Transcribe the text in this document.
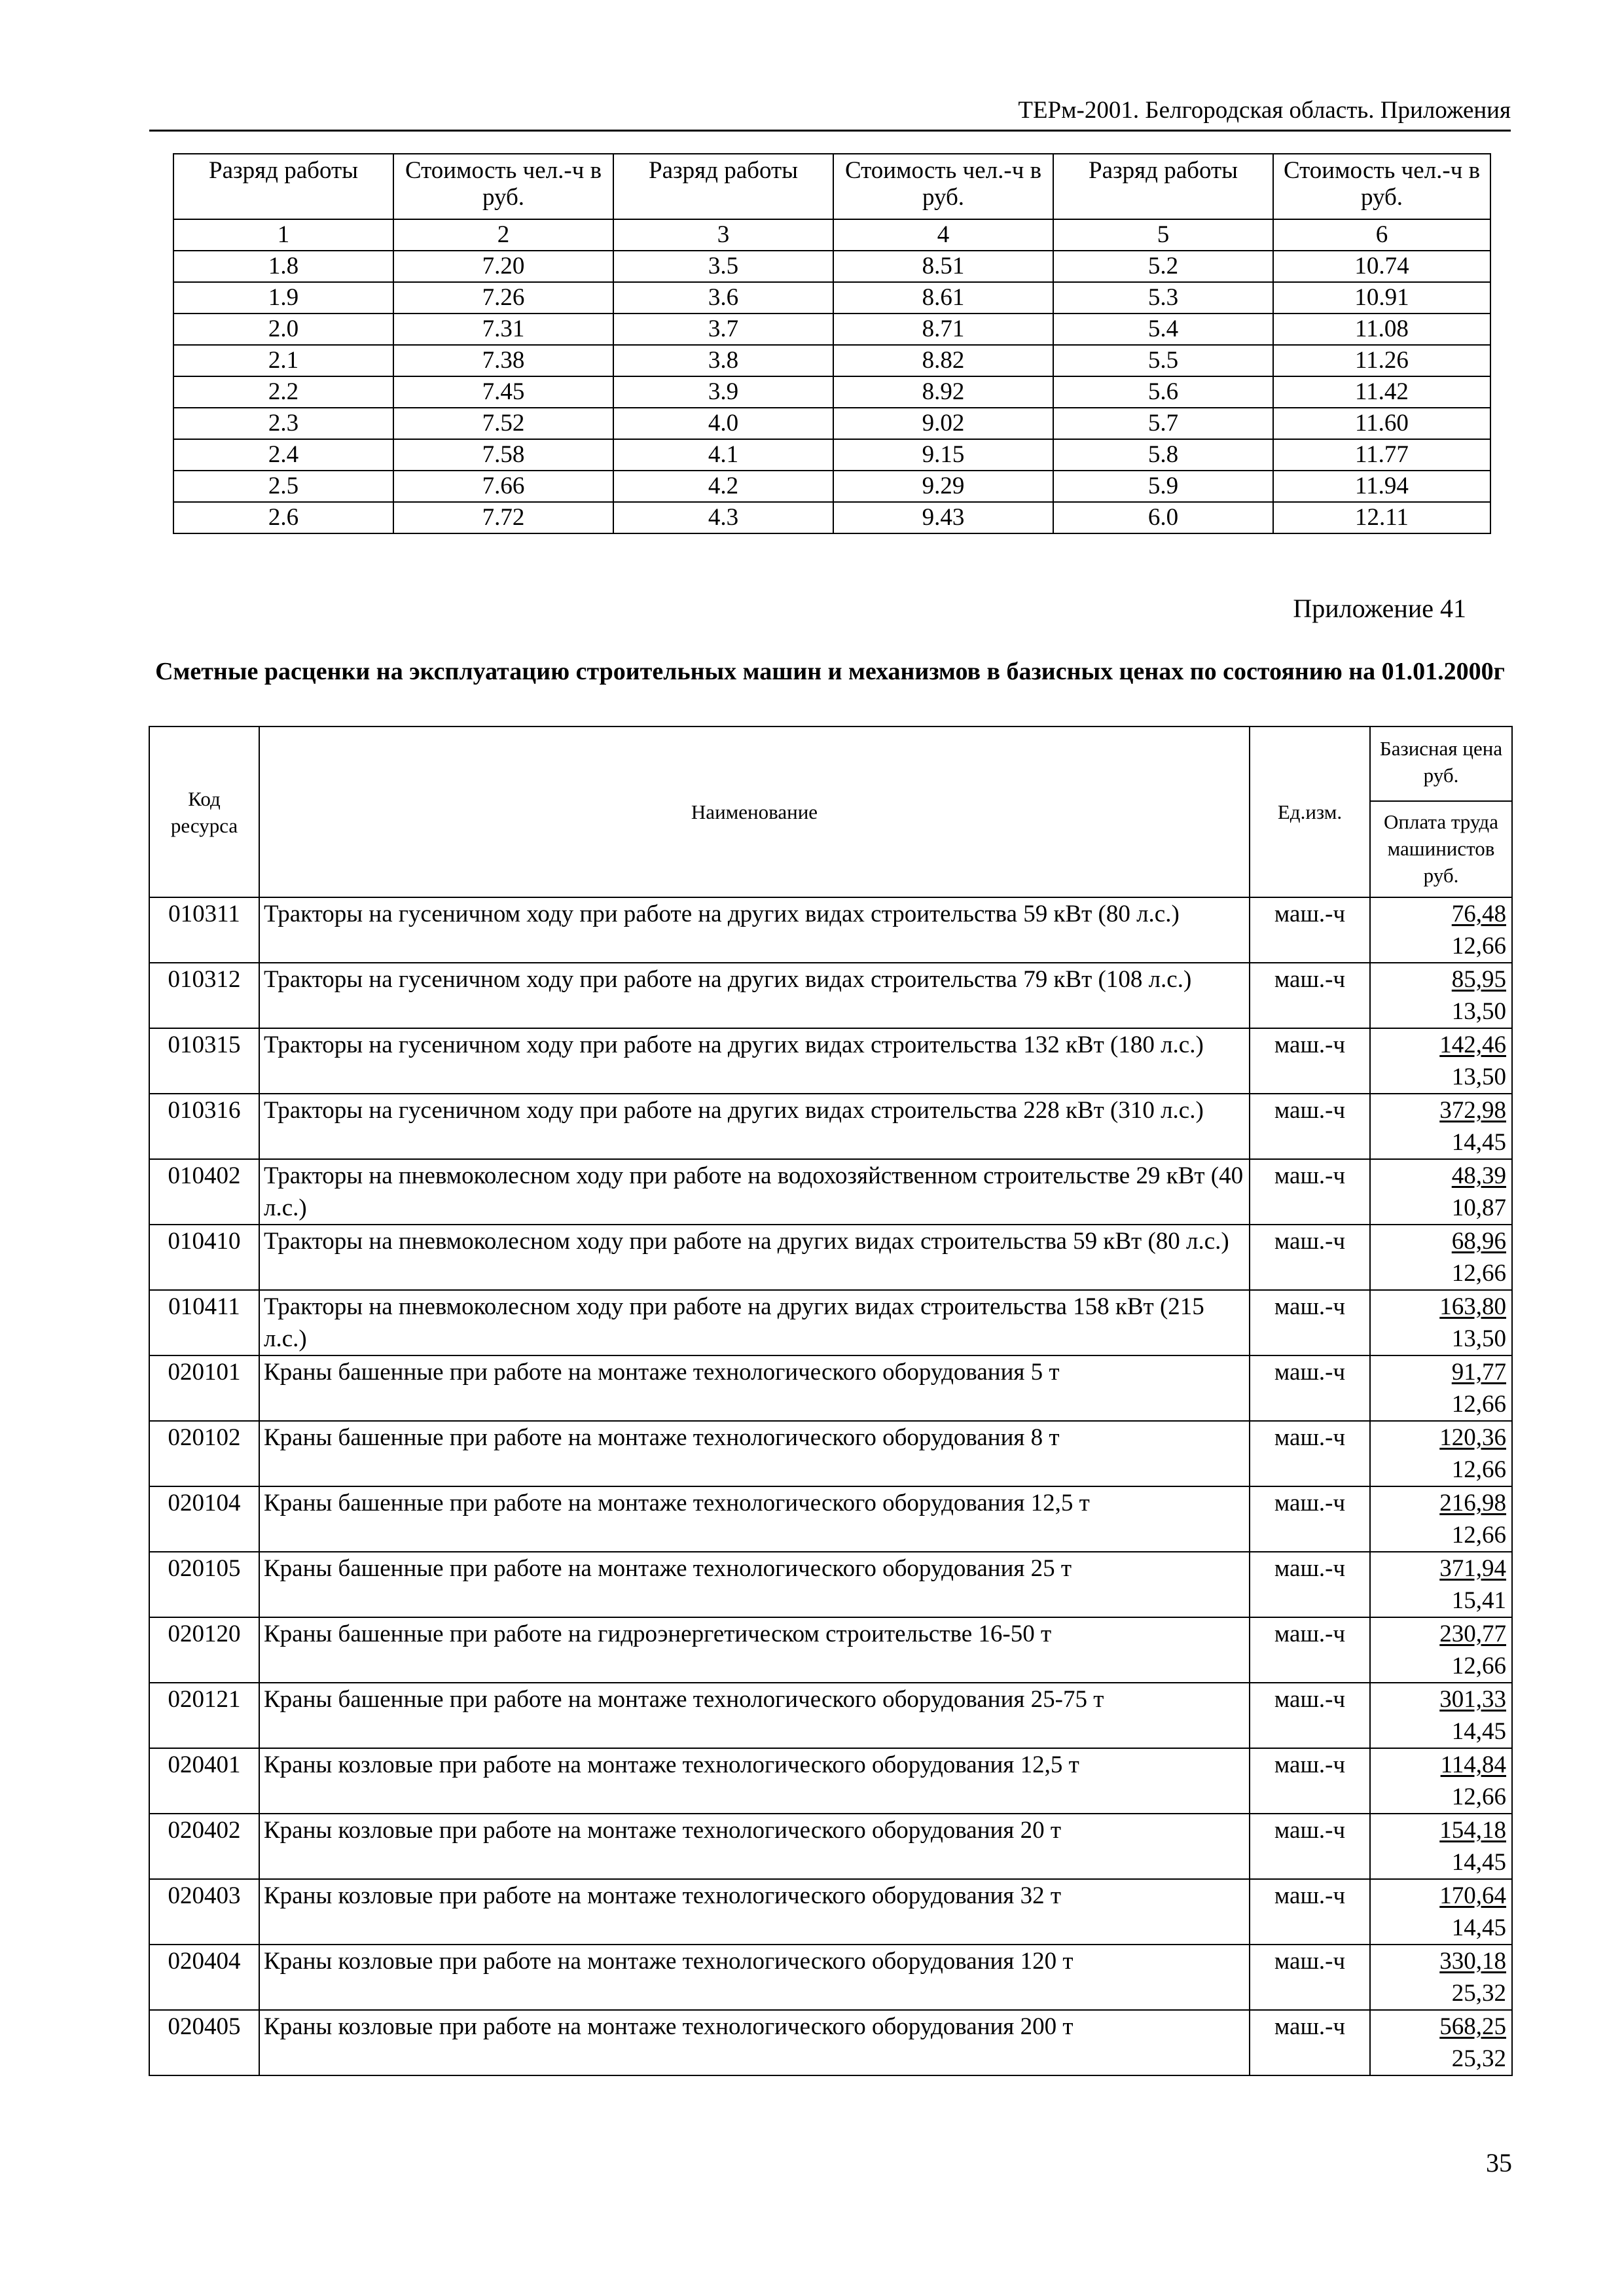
ТЕРм-2001. Белгородская область. Приложения
Разряд работы	Стоимость чел.-ч в руб.	Разряд работы	Стоимость чел.-ч в руб.	Разряд работы	Стоимость чел.-ч в руб.
1	2	3	4	5	6
1.8	7.20	3.5	8.51	5.2	10.74
1.9	7.26	3.6	8.61	5.3	10.91
2.0	7.31	3.7	8.71	5.4	11.08
2.1	7.38	3.8	8.82	5.5	11.26
2.2	7.45	3.9	8.92	5.6	11.42
2.3	7.52	4.0	9.02	5.7	11.60
2.4	7.58	4.1	9.15	5.8	11.77
2.5	7.66	4.2	9.29	5.9	11.94
2.6	7.72	4.3	9.43	6.0	12.11
Приложение 41
Сметные расценки на эксплуатацию строительных машин и механизмов в базисных ценах по состоянию на 01.01.2000г
Код ресурса	Наименование	Ед.изм.	Базисная цена руб.
Оплата труда машинистов руб.

010311	Тракторы на гусеничном ходу при работе на других видах строительства 59 кВт (80 л.с.)	маш.-ч	76,48
12,66

010312	Тракторы на гусеничном ходу при работе на других видах строительства 79 кВт (108 л.с.)	маш.-ч	85,95
13,50

010315	Тракторы на гусеничном ходу при работе на других видах строительства 132 кВт (180 л.с.)	маш.-ч	142,46
13,50

010316	Тракторы на гусеничном ходу при работе на других видах строительства 228 кВт (310 л.с.)	маш.-ч	372,98
14,45

010402	Тракторы на пневмоколесном ходу при работе на водохозяйственном строительстве 29 кВт (40 л.с.)	маш.-ч	48,39
10,87

010410	Тракторы на пневмоколесном ходу при работе на других видах строительства 59 кВт (80 л.с.)	маш.-ч	68,96
12,66

010411	Тракторы на пневмоколесном ходу при работе на других видах строительства 158 кВт (215 л.с.)	маш.-ч	163,80
13,50

020101	Краны башенные при работе на монтаже технологического оборудования 5 т	маш.-ч	91,77
12,66

020102	Краны башенные при работе на монтаже технологического оборудования 8 т	маш.-ч	120,36
12,66

020104	Краны башенные при работе на монтаже технологического оборудования 12,5 т	маш.-ч	216,98
12,66

020105	Краны башенные при работе на монтаже технологического оборудования 25 т	маш.-ч	371,94
15,41

020120	Краны башенные при работе на гидроэнергетическом строительстве 16-50 т	маш.-ч	230,77
12,66

020121	Краны башенные при работе на монтаже технологического оборудования 25-75 т	маш.-ч	301,33
14,45

020401	Краны козловые при работе на монтаже технологического оборудования 12,5 т	маш.-ч	114,84
12,66

020402	Краны козловые при работе на монтаже технологического оборудования 20 т	маш.-ч	154,18
14,45

020403	Краны козловые при работе на монтаже технологического оборудования 32 т	маш.-ч	170,64
14,45

020404	Краны козловые при работе на монтаже технологического оборудования 120 т	маш.-ч	330,18
25,32

020405	Краны козловые при работе на монтаже технологического оборудования 200 т	маш.-ч	568,25
25,32
35
